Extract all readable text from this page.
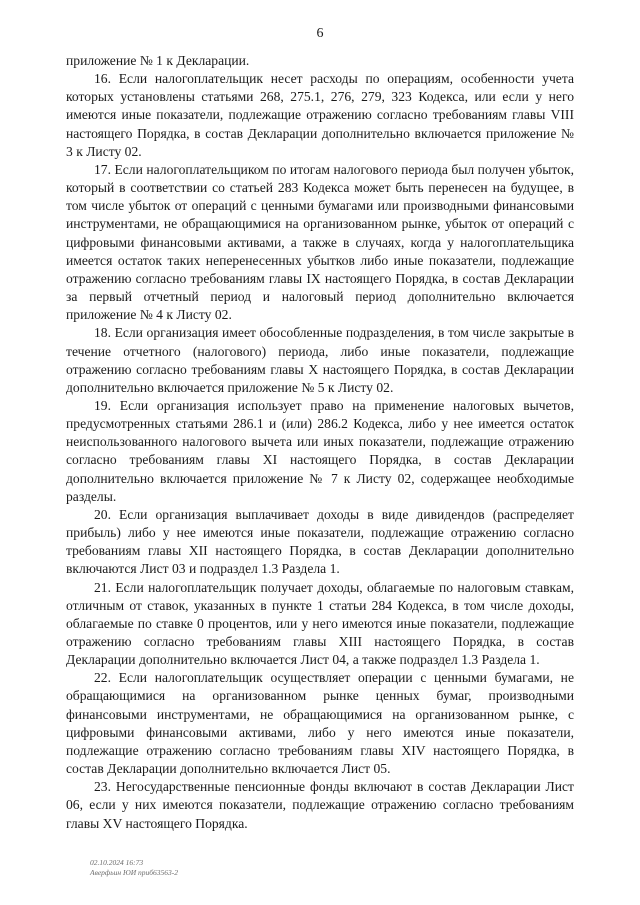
6

приложение № 1 к Декларации.

16. Если налогоплательщик несет расходы по операциям, особенности учета которых установлены статьями 268, 275.1, 276, 279, 323 Кодекса, или если у него имеются иные показатели, подлежащие отражению согласно требованиям главы VIII настоящего Порядка, в состав Декларации дополнительно включается приложение № 3 к Листу 02.

17. Если налогоплательщиком по итогам налогового периода был получен убыток, который в соответствии со статьей 283 Кодекса может быть перенесен на будущее, в том числе убыток от операций с ценными бумагами или производными финансовыми инструментами, не обращающимися на организованном рынке, убыток от операций с цифровыми финансовыми активами, а также в случаях, когда у налогоплательщика имеется остаток таких неперенесенных убытков либо иные показатели, подлежащие отражению согласно требованиям главы IX настоящего Порядка, в состав Декларации за первый отчетный период и налоговый период дополнительно включается приложение № 4 к Листу 02.

18. Если организация имеет обособленные подразделения, в том числе закрытые в течение отчетного (налогового) периода, либо иные показатели, подлежащие отражению согласно требованиям главы X настоящего Порядка, в состав Декларации дополнительно включается приложение № 5 к Листу 02.

19. Если организация использует право на применение налоговых вычетов, предусмотренных статьями 286.1 и (или) 286.2 Кодекса, либо у нее имеется остаток неиспользованного налогового вычета или иных показатели, подлежащие отражению согласно требованиям главы XI настоящего Порядка, в состав Декларации дополнительно включается приложение № 7 к Листу 02, содержащее необходимые разделы.

20. Если организация выплачивает доходы в виде дивидендов (распределяет прибыль) либо у нее имеются иные показатели, подлежащие отражению согласно требованиям главы XII настоящего Порядка, в состав Декларации дополнительно включаются Лист 03 и подраздел 1.3 Раздела 1.

21. Если налогоплательщик получает доходы, облагаемые по налоговым ставкам, отличным от ставок, указанных в пункте 1 статьи 284 Кодекса, в том числе доходы, облагаемые по ставке 0 процентов, или у него имеются иные показатели, подлежащие отражению согласно требованиям главы XIII настоящего Порядка, в состав Декларации дополнительно включается Лист 04, а также подраздел 1.3 Раздела 1.

22. Если налогоплательщик осуществляет операции с ценными бумагами, не обращающимися на организованном рынке ценных бумаг, производными финансовыми инструментами, не обращающимися на организованном рынке, с цифровыми финансовыми активами, либо у него имеются иные показатели, подлежащие отражению согласно требованиям главы XIV настоящего Порядка, в состав Декларации дополнительно включается Лист 05.

23. Негосударственные пенсионные фонды включают в состав Декларации Лист 06, если у них имеются показатели, подлежащие отражению согласно требованиям главы XV настоящего Порядка.

02.10.2024 16:73
Аверфьин ЮИ приб63563-2
